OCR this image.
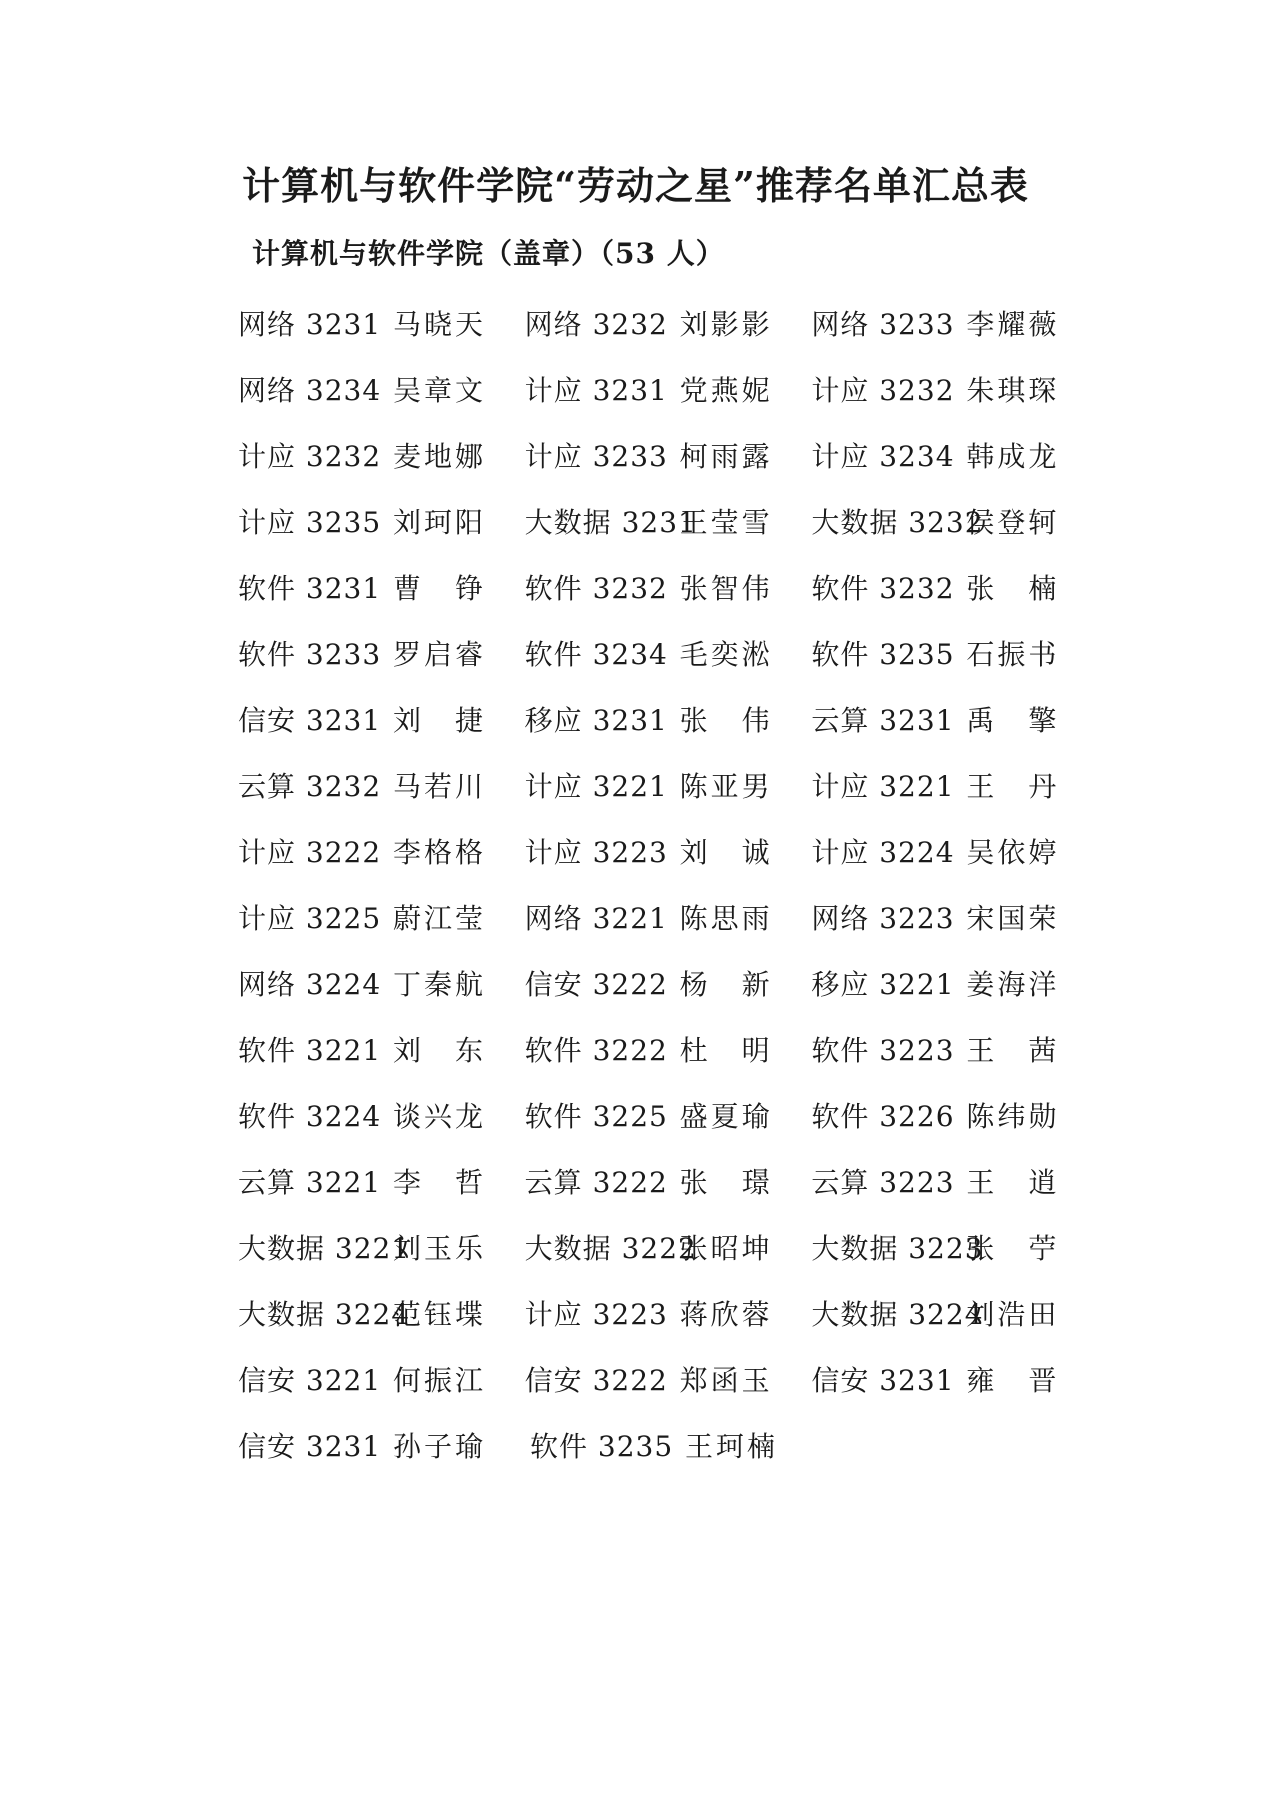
计算机与软件学院“劳动之星”推荐名单汇总表
计算机与软件学院（盖章）（53 人）
网络 3231 马晓天 网络 3232 刘影影 网络 3233 李耀薇
网络 3234 吴章文 计应 3231 党燕妮 计应 3232 朱琪琛
计应 3232 麦地娜 计应 3233 柯雨露 计应 3234 韩成龙
计应 3235 刘珂阳 大数据 3231
王莹雪 大数据 3232
侯登轲
软件 3231 曹　铮 软件 3232 张智伟 软件 3232 张　楠
软件 3233 罗启睿 软件 3234 毛奕淞 软件 3235 石振书
信安 3231 刘　捷 移应 3231 张　伟 云算 3231 禹　擎
云算 3232 马若川 计应 3221 陈亚男 计应 3221 王　丹
计应 3222 李格格 计应 3223 刘　诚 计应 3224 吴依婷
计应 3225 蔚江莹 网络 3221 陈思雨 网络 3223 宋国荣
网络 3224 丁秦航 信安 3222 杨　新 移应 3221 姜海洋
软件 3221 刘　东 软件 3222 杜　明 软件 3223 王　茜
软件 3224 谈兴龙 软件 3225 盛夏瑜 软件 3226 陈纬勋
云算 3221 李　哲 云算 3222 张　璟 云算 3223 王　逍
大数据 3221
刘玉乐 大数据 3222
张昭坤 大数据 3223
张　苧
大数据 3224
范钰堞 计应 3223 蒋欣蓉 大数据 3224
刘浩田
信安 3221 何振江 信安 3222 郑函玉 信安 3231 雍　晋
信安 3231 孙子瑜 软件 3235 王珂楠
